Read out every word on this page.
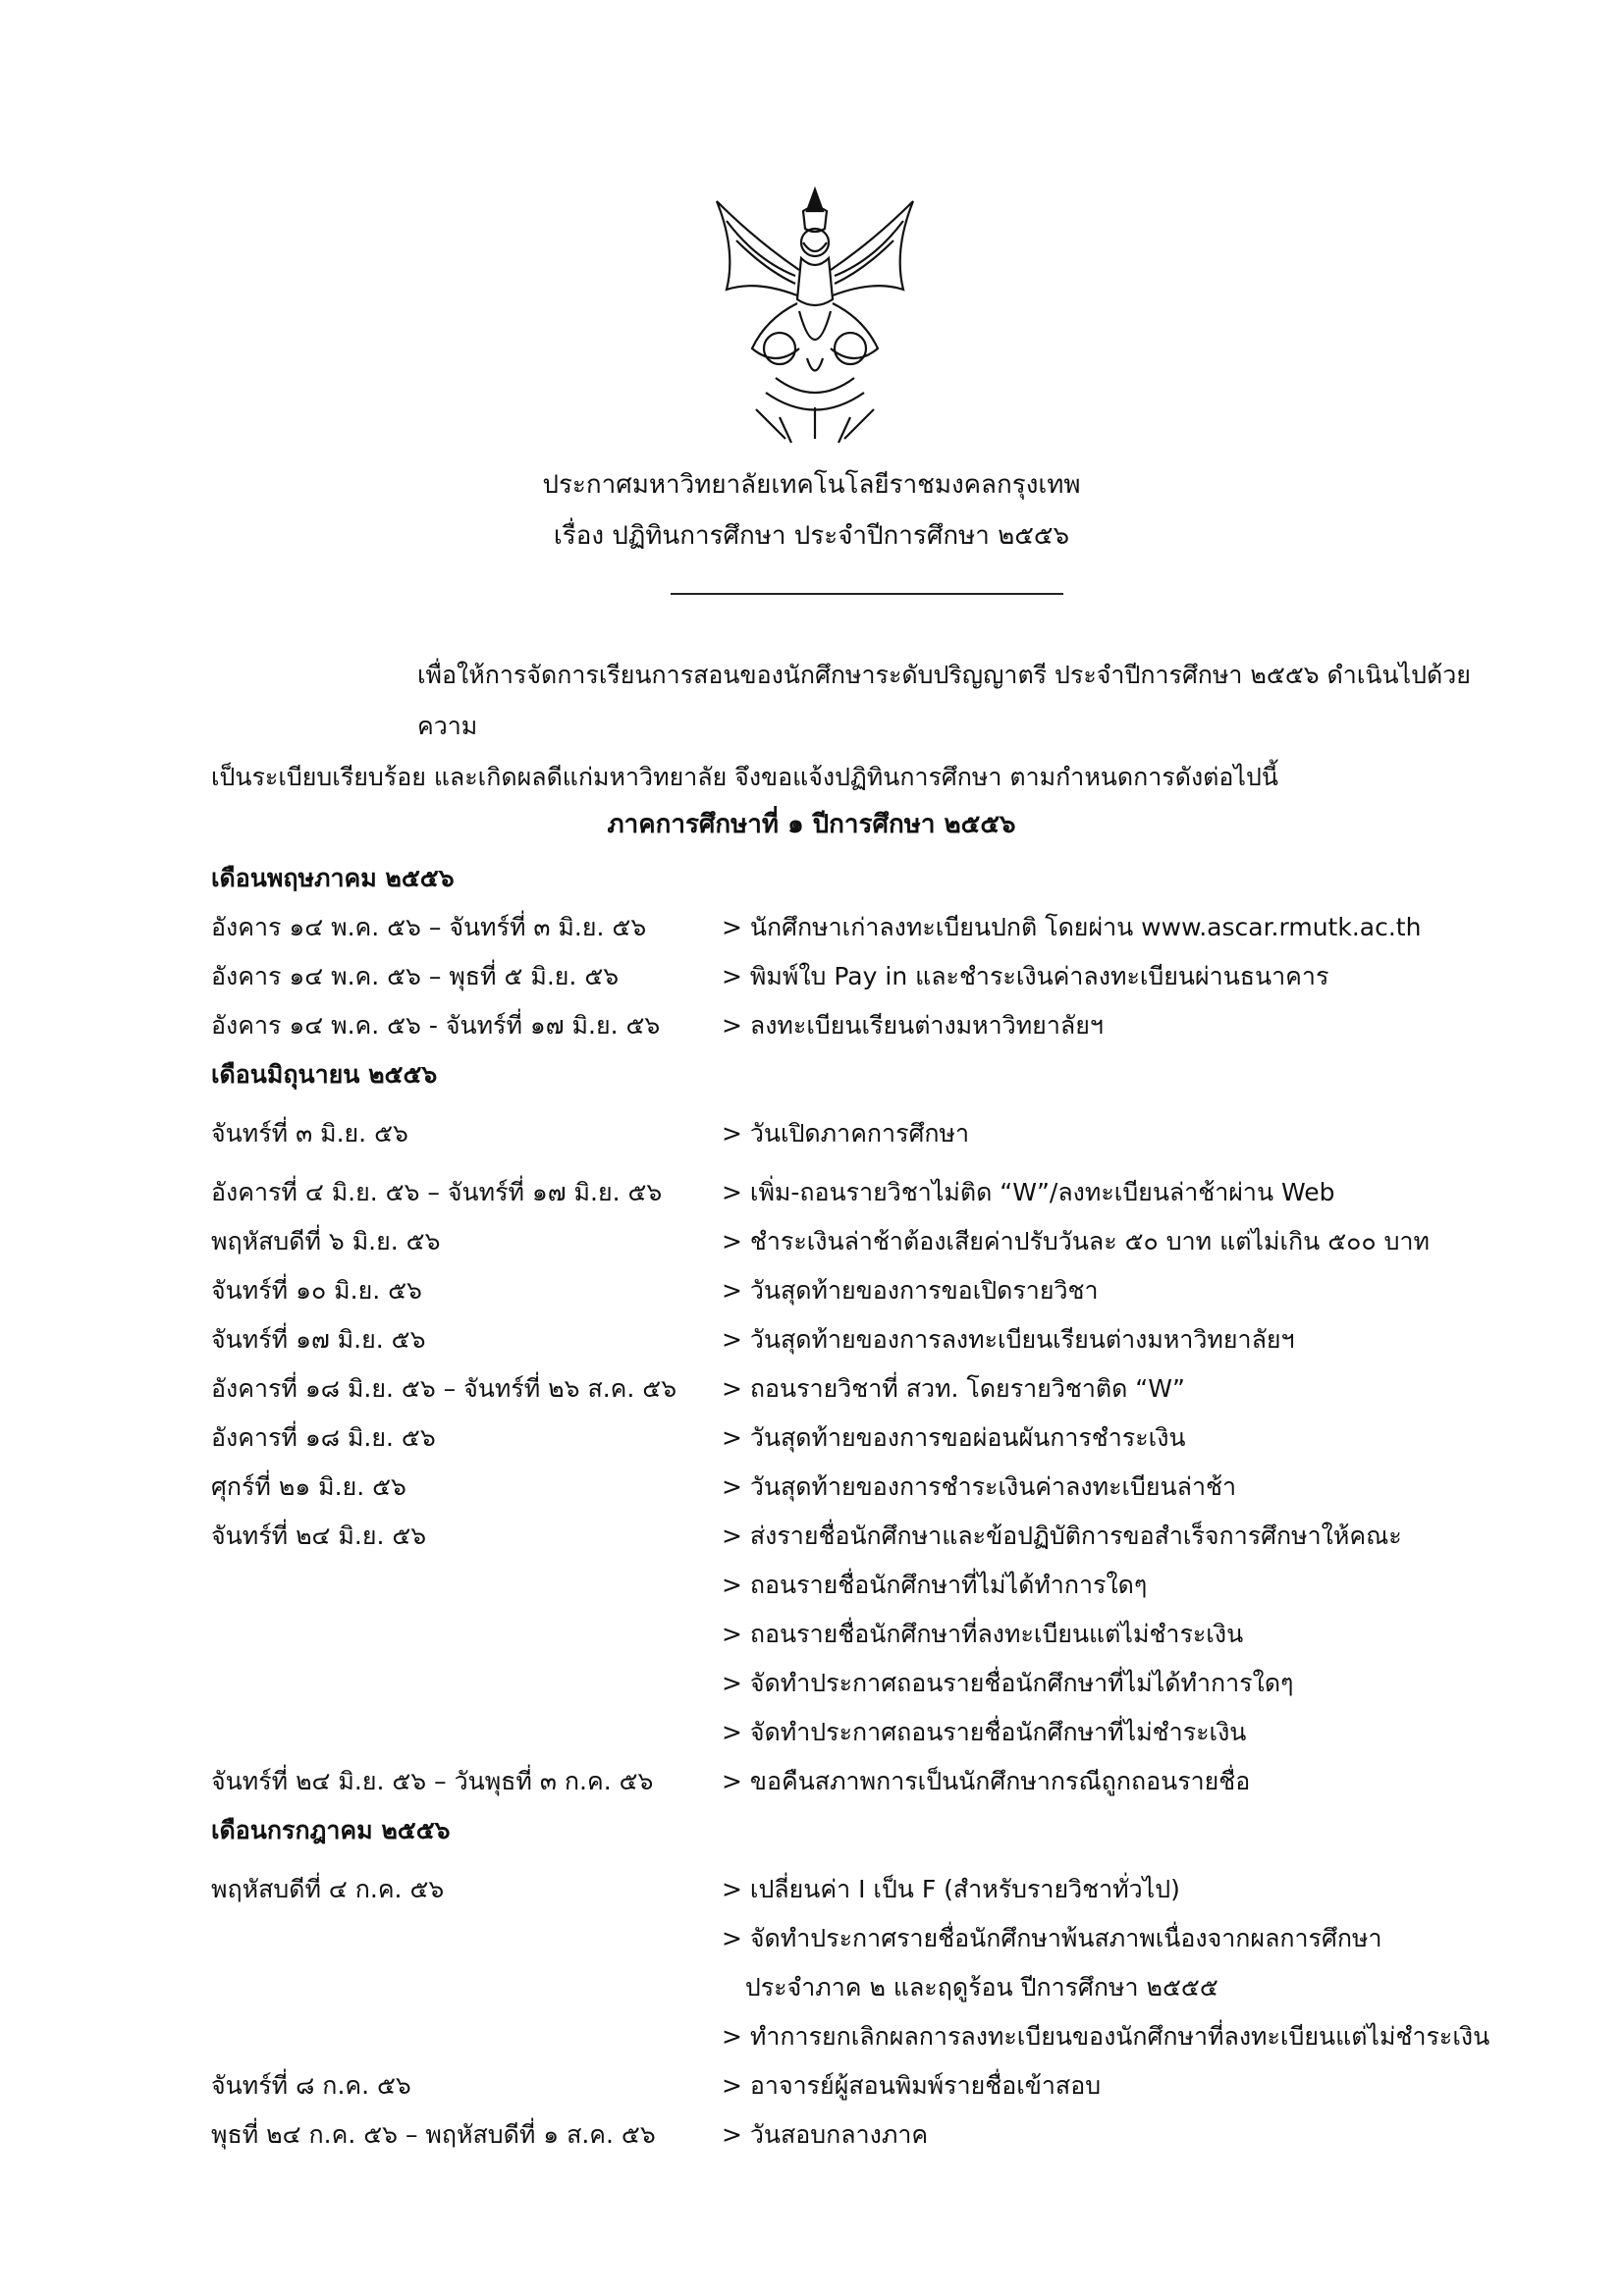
ประกาศมหาวิทยาลัยเทคโนโลยีราชมงคลกรุงเทพ
เรื่อง ปฏิทินการศึกษา ประจำปีการศึกษา ๒๕๕๖
เพื่อให้การจัดการเรียนการสอนของนักศึกษาระดับปริญญาตรี ประจำปีการศึกษา ๒๕๕๖ ดำเนินไปด้วยความ
เป็นระเบียบเรียบร้อย และเกิดผลดีแก่มหาวิทยาลัย จึงขอแจ้งปฏิทินการศึกษา ตามกำหนดการดังต่อไปนี้
ภาคการศึกษาที่ ๑ ปีการศึกษา ๒๕๕๖
เดือนพฤษภาคม ๒๕๕๖
อังคาร ๑๔ พ.ค. ๕๖ – จันทร์ที่ ๓ มิ.ย. ๕๖	> นักศึกษาเก่าลงทะเบียนปกติ โดยผ่าน www.ascar.rmutk.ac.th
อังคาร ๑๔ พ.ค. ๕๖ – พุธที่ ๕ มิ.ย. ๕๖	> พิมพ์ใบ Pay in และชำระเงินค่าลงทะเบียนผ่านธนาคาร
อังคาร ๑๔ พ.ค. ๕๖ - จันทร์ที่ ๑๗ มิ.ย. ๕๖	> ลงทะเบียนเรียนต่างมหาวิทยาลัยฯ
เดือนมิถุนายน ๒๕๕๖
จันทร์ที่ ๓ มิ.ย. ๕๖	> วันเปิดภาคการศึกษา
อังคารที่ ๔ มิ.ย. ๕๖ – จันทร์ที่ ๑๗ มิ.ย. ๕๖	> เพิ่ม-ถอนรายวิชาไม่ติด “W”/ลงทะเบียนล่าช้าผ่าน Web
พฤหัสบดีที่ ๖ มิ.ย. ๕๖	> ชำระเงินล่าช้าต้องเสียค่าปรับวันละ ๕๐ บาท แต่ไม่เกิน ๕๐๐ บาท
จันทร์ที่ ๑๐ มิ.ย. ๕๖	> วันสุดท้ายของการขอเปิดรายวิชา
จันทร์ที่ ๑๗ มิ.ย. ๕๖	> วันสุดท้ายของการลงทะเบียนเรียนต่างมหาวิทยาลัยฯ
อังคารที่ ๑๘ มิ.ย. ๕๖ – จันทร์ที่ ๒๖ ส.ค. ๕๖	> ถอนรายวิชาที่ สวท. โดยรายวิชาติด “W”
อังคารที่ ๑๘ มิ.ย. ๕๖	> วันสุดท้ายของการขอผ่อนผันการชำระเงิน
ศุกร์ที่ ๒๑ มิ.ย. ๕๖	> วันสุดท้ายของการชำระเงินค่าลงทะเบียนล่าช้า
จันทร์ที่ ๒๔ มิ.ย. ๕๖	> ส่งรายชื่อนักศึกษาและข้อปฏิบัติการขอสำเร็จการศึกษาให้คณะ
> ถอนรายชื่อนักศึกษาที่ไม่ได้ทำการใดๆ
> ถอนรายชื่อนักศึกษาที่ลงทะเบียนแต่ไม่ชำระเงิน
> จัดทำประกาศถอนรายชื่อนักศึกษาที่ไม่ได้ทำการใดๆ
> จัดทำประกาศถอนรายชื่อนักศึกษาที่ไม่ชำระเงิน
จันทร์ที่ ๒๔ มิ.ย. ๕๖ – วันพุธที่ ๓ ก.ค. ๕๖	> ขอคืนสภาพการเป็นนักศึกษากรณีถูกถอนรายชื่อ
เดือนกรกฎาคม ๒๕๕๖
พฤหัสบดีที่ ๔ ก.ค. ๕๖	> เปลี่ยนค่า I เป็น F (สำหรับรายวิชาทั่วไป)
> จัดทำประกาศรายชื่อนักศึกษาพ้นสภาพเนื่องจากผลการศึกษา
ประจำภาค ๒ และฤดูร้อน ปีการศึกษา ๒๕๕๕
> ทำการยกเลิกผลการลงทะเบียนของนักศึกษาที่ลงทะเบียนแต่ไม่ชำระเงิน
จันทร์ที่ ๘ ก.ค. ๕๖	> อาจารย์ผู้สอนพิมพ์รายชื่อเข้าสอบ
พุธที่ ๒๔ ก.ค. ๕๖ – พฤหัสบดีที่ ๑ ส.ค. ๕๖	> วันสอบกลางภาค
